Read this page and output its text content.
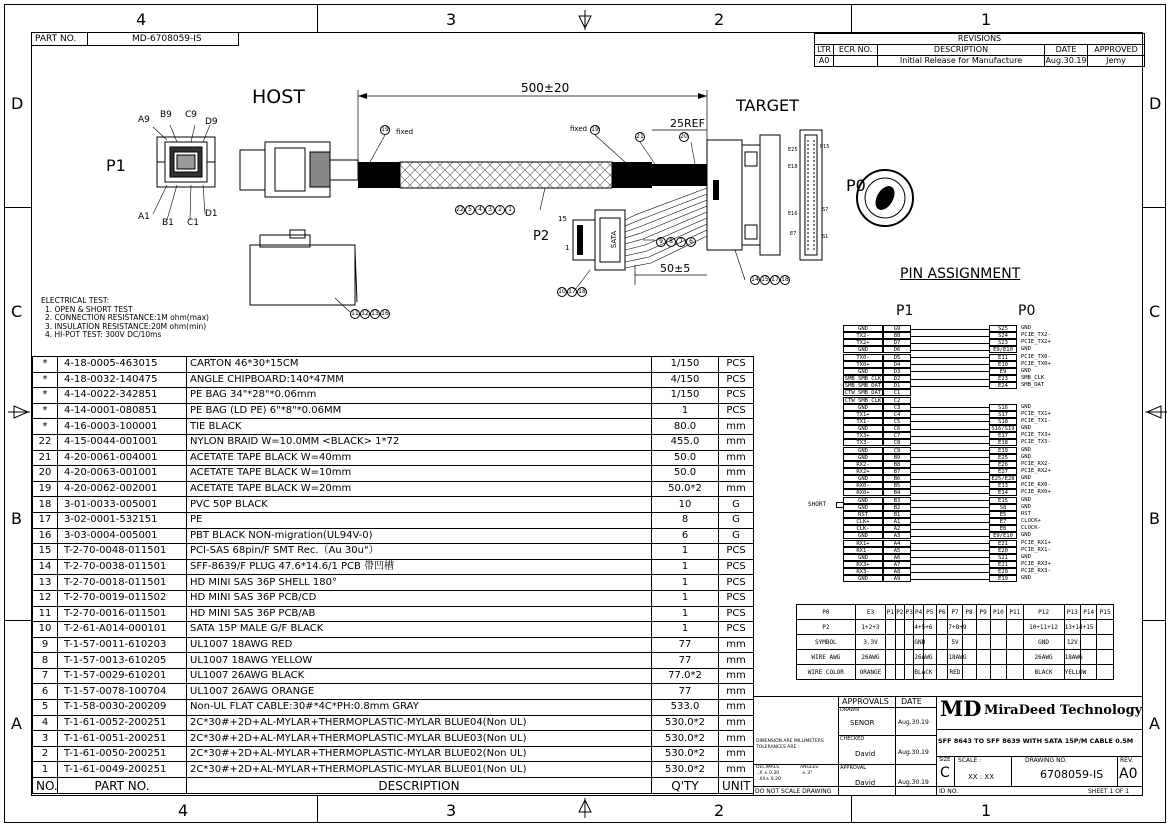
4	3	2	1
4	3	2	1
D
C
B
A
D
C
B
A
PART NO.	MD-6708059-IS	REVISIONS				
LTR	ECR NO.	DESCRIPTION	DATE	APPROVED
A0		Initial Release for Manufacture	Aug.30.19	Jemy
HOST	TARGET
P1
P0
P2
500±20
25REF
50±5
A9 B9 C9
D9
A1
B1 C1
D1
fixed	fixed
SATA
15
1
P15
E25
E18
E16
S1
E7
S7
19	19
21	20
22 5	4	3	2	1
9	8	7	6
14 15 17 18
10 17 18
11 12 13 16
ELECTRICAL TEST:
1. OPEN & SHORT TEST
2. CONNECTION RESISTANCE:1M ohm(max)
3. INSULATION RESISTANCE:20M ohm(min)
4. HI-POT TEST: 300V DC/10ms
PIN ASSIGNMENT
P1	P0
SHORT
GND	G9	S25	GND
TX2-	B8	S24	PCIE_TX2-
TX2+	D7	S23	PCIE_TX2+
GND	D6	E9/E10	GND
TX0-	D5	E11	PCIE_TX0-
TX0+	D4	E10	PCIE_TX0+
GND	D3	E9	GND
SMB_SMB_CLK	D2	E23	SMB_CLK
SMB_SMB_DAT	D1	E24	SMB_DAT
CTW_SMB_DAT	C1
CTW_SMB_CLK	C2
GND	C3	S16	GND
TX1+	C4	S17	PCIE_TX1+
TX1-	C5	S18	PCIE_TX1-
GND	C6	S16/S19	GND
TX3+	C7	E17	PCIE_TX3+
TX3-	C8	E18	PCIE_TX3-
GND	C9	E19	GND
GND	B9	E25	GND
RX2-	B8	E26	PCIE_RX2-
RX2+	B7	E27	PCIE_RX2+
GND	B6	E25/E28	GND
RX0-	B5	E13	PCIE_RX0-
RX0+	B4	E14	PCIE_RX0+
GND	B3	E15	GND
GND	B2	S8	GND
RST	B1	E5	RST
CLK+	A1	E7	CLOCK+
CLK-	A2	E8	CLOCK-
GND	A3	E9/E10	GND
RX1+	A4	E21	PCIE_RX1+
RX1-	A5	E20	PCIE_RX1-
GND	A6	S21	GND
RX3+	A7	E21	PCIE_RX3+
RX3-	A8	E20	PCIE_RX3-
GND	A9	E19	GND
P0	E3	P1	P2	P3	P4	P5	P6	P7	P8	P9	P10	P11	P12	P13	P14	P15
P2	1+2+3				4+5+6			7+8+9					10+11+12	13+14+15		
SYMBOL	3.3V				GND			5V					GND	12V		
WIRE AWG	26AWG				26AWG			18AWG					26AWG	18AWG		
WIRE COLOR	ORANGE				BLACK			RED					BLACK	YELLOW		
*	4-18-0005-463015	CARTON 46*30*15CM	1/150	PCS
*	4-18-0032-140475	ANGLE CHIPBOARD:140*47MM	4/150	PCS
*	4-14-0022-342851	PE BAG 34"*28"*0.06mm	1/150	PCS
*	4-14-0001-080851	PE BAG (LD PE) 6"*8"*0.06MM	1	PCS
*	4-16-0003-100001	TIE BLACK	80.0	mm
22	4-15-0044-001001	NYLON BRAID W=10.0MM <BLACK> 1*72	455.0	mm
21	4-20-0061-004001	ACETATE TAPE BLACK W=40mm	50.0	mm
20	4-20-0063-001001	ACETATE TAPE BLACK W=10mm	50.0	mm
19	4-20-0062-002001	ACETATE TAPE BLACK W=20mm	50.0*2	mm
18	3-01-0033-005001	PVC 50P BLACK	10	G
17	3-02-0001-532151	PE	8	G
16	3-03-0004-005001	PBT BLACK NON-migration(UL94V-0)	6	G
15	T-2-70-0048-011501	PCI-SAS 68pin/F SMT Rec.（Au 30u"）	1	PCS
14	T-2-70-0038-011501	SFF-8639/F PLUG 47.6*14.6/1 PCB 帶凹槽	1	PCS
13	T-2-70-0018-011501	HD MINI SAS 36P SHELL 180°	1	PCS
12	T-2-70-0019-011502	HD MINI SAS 36P PCB/CD	1	PCS
11	T-2-70-0016-011501	HD MINI SAS 36P PCB/AB	1	PCS
10	T-2-61-A014-000101	SATA 15P MALE G/F BLACK	1	PCS
9	T-1-57-0011-610203	UL1007 18AWG RED	77	mm
8	T-1-57-0013-610205	UL1007 18AWG YELLOW	77	mm
7	T-1-57-0029-610201	UL1007 26AWG BLACK	77.0*2	mm
6	T-1-57-0078-100704	UL1007 26AWG ORANGE	77	mm
5	T-1-58-0030-200209	Non-UL FLAT CABLE:30#*4C*PH:0.8mm GRAY	533.0	mm
4	T-1-61-0052-200251	2C*30#+2D+AL-MYLAR+THERMOPLASTIC-MYLAR BLUE04(Non UL)	530.0*2	mm
3	T-1-61-0051-200251	2C*30#+2D+AL-MYLAR+THERMOPLASTIC-MYLAR BLUE03(Non UL)	530.0*2	mm
2	T-1-61-0050-200251	2C*30#+2D+AL-MYLAR+THERMOPLASTIC-MYLAR BLUE02(Non UL)	530.0*2	mm
1	T-1-61-0049-200251	2C*30#+2D+AL-MYLAR+THERMOPLASTIC-MYLAR BLUE01(Non UL)	530.0*2	mm
NO.	PART NO.	DESCRIPTION	Q'TY	UNIT
APPROVALS DATE
DRAWN
SENOR	Aug.30.19
CHECKED
David	Aug.30.19
APPROVAL
David	Aug.30.19
DIMENSION ARE MILLIMETERS
TOLERANCES ARE :
DECIMALS	ANGLES
.X ± 0.30
.XX± 0.20
± 3°
DO NOT SCALE DRAWING
MD MiraDeed Technology
SFF 8643 TO SFF 8639 WITH SATA 15P/M CABLE 0.5M
SIZE
C
SCALE :
XX : XX
DRAWING NO.
6708059-IS
REV.
A0
ID NO.	SHEET 1 OF 1
